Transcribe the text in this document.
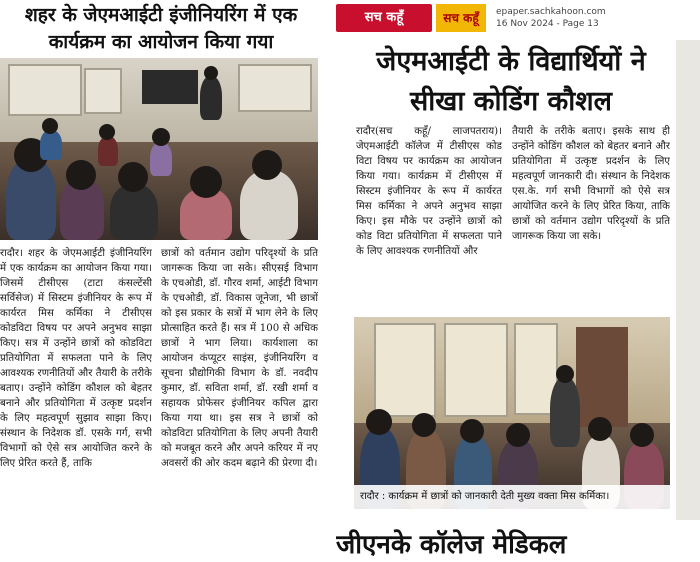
शहर के जेएमआईटी इंजीनियरिंग में एक कार्यक्रम का आयोजन किया गया
रादौर। शहर के जेएमआईटी इंजीनियरिंग में एक कार्यक्रम का आयोजन किया गया। जिसमें टीसीएस (टाटा कंसल्टेंसी सर्विसेज) में सिस्टम इंजीनियर के रूप में कार्यरत मिस कर्मिका ने टीसीएस कोडविटा विषय पर अपने अनुभव साझा किए। सत्र में उन्होंने छात्रों को कोडविटा प्रतियोगिता में सफलता पाने के लिए आवश्यक रणनीतियों और तैयारी के तरीके बताए। उन्होंने कोडिंग कौशल को बेहतर बनाने और प्रतियोगिता में उत्कृष्ट प्रदर्शन के लिए महत्वपूर्ण सुझाव साझा किए। संस्थान के निदेशक डॉ. एसके गर्ग, सभी विभागों को ऐसे सत्र आयोजित करने के लिए प्रेरित करते हैं, ताकि
छात्रों को वर्तमान उद्योग परिदृश्यों के प्रति जागरूक किया जा सके। सीएसई विभाग के एचओडी, डॉ. गौरव शर्मा, आईटी विभाग के एचओडी, डॉ. विकास जूनेजा, भी छात्रों को इस प्रकार के सत्रों में भाग लेने के लिए प्रोत्साहित करते हैं। सत्र में 100 से अधिक छात्रों ने भाग लिया। कार्यशाला का आयोजन कंप्यूटर साइंस, इंजीनियरिंग व सूचना प्रौद्योगिकी विभाग के डॉ. नवदीप कुमार, डॉ. सविता शर्मा, डॉ. रखी शर्मा व सहायक प्रोफेसर इंजीनियर कपिल द्वारा किया गया था। इस सत्र ने छात्रों को कोडविटा प्रतियोगिता के लिए अपनी तैयारी को मजबूत करने और अपने करियर में नए अवसरों की ओर कदम बढ़ाने की प्रेरणा दी।
सच कहूँ	सच कहूँ	epaper.sachkahoon.com
16 Nov 2024 - Page 13
जेएमआईटी के विद्यार्थियों ने सीखा कोडिंग कौशल
रादौर(सच कहूँ/ लाजपतराय)। जेएमआईटी कॉलेज में टीसीएस कोड विटा विषय पर कार्यक्रम का आयोजन किया गया। कार्यक्रम में टीसीएस में सिस्टम इंजीनियर के रूप में कार्यरत मिस कर्मिका ने अपने अनुभव साझा किए। इस मौके पर उन्होंने छात्रों को कोड विटा प्रतियोगिता में सफलता पाने के लिए आवश्यक रणनीतियों और
तैयारी के तरीके बताए। इसके साथ ही उन्होंने कोडिंग कौशल को बेहतर बनाने और प्रतियोगिता में उत्कृष्ट प्रदर्शन के लिए महत्वपूर्ण जानकारी दी। संस्थान के निदेशक एस.के. गर्ग सभी विभागों को ऐसे सत्र आयोजित करने के लिए प्रेरित किया, ताकि छात्रों को वर्तमान उद्योग परिदृश्यों के प्रति जागरूक किया जा सके।
रादौर : कार्यक्रम में छात्रों को जानकारी देती मुख्य वक्ता मिस कर्मिका।
जीएनके कॉलेज मेडिकल
